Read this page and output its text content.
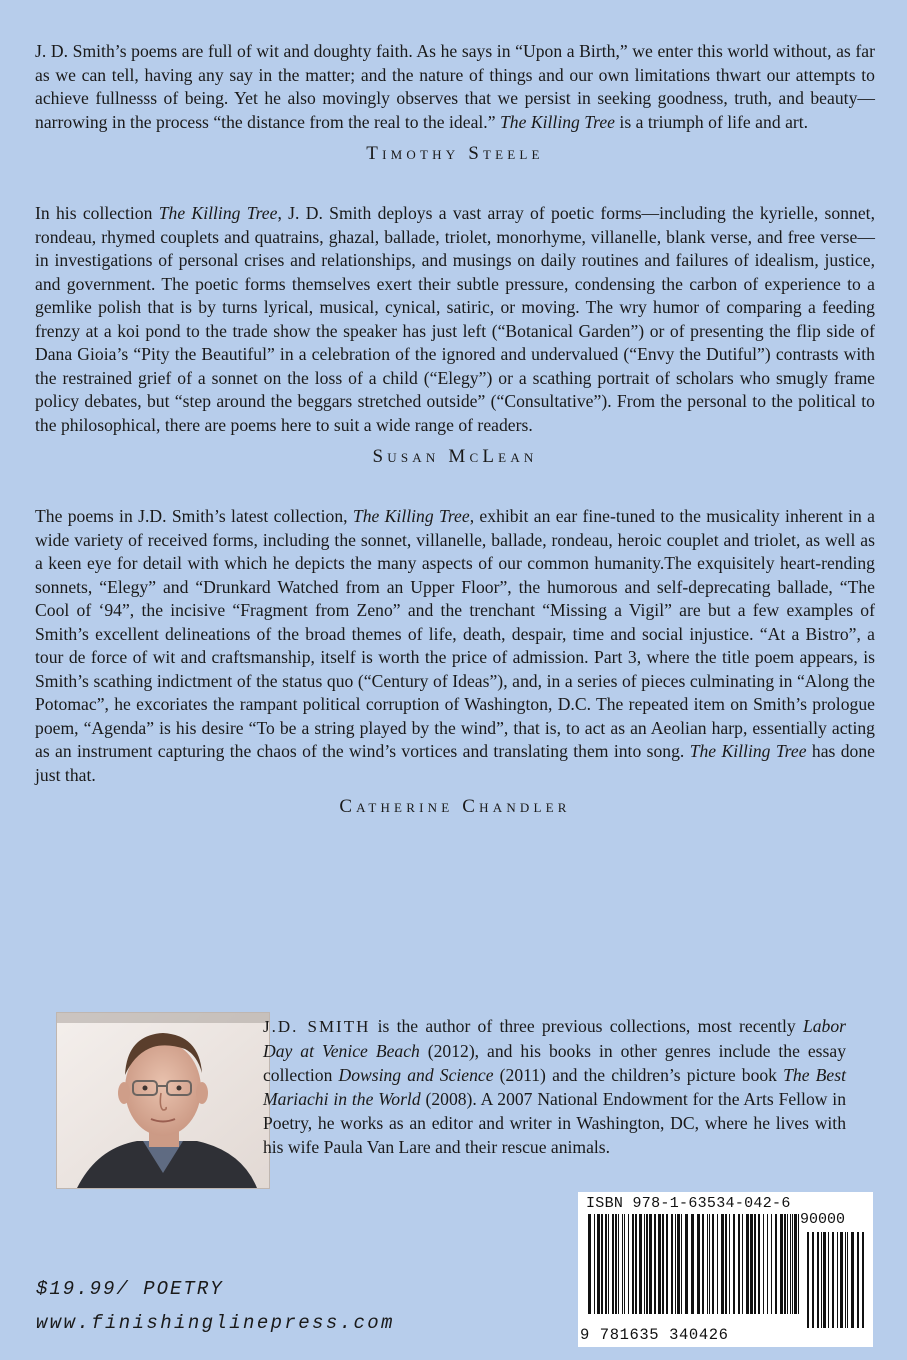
J. D. Smith’s poems are full of wit and doughty faith. As he says in “Upon a Birth,” we enter this world without, as far as we can tell, having any say in the matter; and the nature of things and our own limitations thwart our attempts to achieve fullnesss of being. Yet he also movingly observes that we persist in seeking goodness, truth, and beauty—narrowing in the process “the distance from the real to the ideal.” The Killing Tree is a triumph of life and art.

Timothy Steele

In his collection The Killing Tree, J. D. Smith deploys a vast array of poetic forms—including the kyrielle, sonnet, rondeau, rhymed couplets and quatrains, ghazal, ballade, triolet, monorhyme, villanelle, blank verse, and free verse—in investigations of personal crises and relationships, and musings on daily routines and failures of idealism, justice, and government. The poetic forms themselves exert their subtle pressure, condensing the carbon of experience to a gemlike polish that is by turns lyrical, musical, cynical, satiric, or moving. The wry humor of comparing a feeding frenzy at a koi pond to the trade show the speaker has just left (“Botanical Garden”) or of presenting the flip side of Dana Gioia’s “Pity the Beautiful” in a celebration of the ignored and undervalued (“Envy the Dutiful”) contrasts with the restrained grief of a sonnet on the loss of a child (“Elegy”) or a scathing portrait of scholars who smugly frame policy debates, but “step around the beggars stretched outside” (“Consultative”). From the personal to the political to the philosophical, there are poems here to suit a wide range of readers.

Susan McLean

The poems in J.D. Smith’s latest collection, The Killing Tree, exhibit an ear fine-tuned to the musicality inherent in a wide variety of received forms, including the sonnet, villanelle, ballade, rondeau, heroic couplet and triolet, as well as a keen eye for detail with which he depicts the many aspects of our common humanity.The exquisitely heart-rending sonnets, “Elegy” and “Drunkard Watched from an Upper Floor”, the humorous and self-deprecating ballade, “The Cool of ‘94”, the incisive “Fragment from Zeno” and the trenchant “Missing a Vigil” are but a few examples of Smith’s excellent delineations of the broad themes of life, death, despair, time and social injustice. “At a Bistro”, a tour de force of wit and craftsmanship, itself is worth the price of admission. Part 3, where the title poem appears, is Smith’s scathing indictment of the status quo (“Century of Ideas”), and, in a series of pieces culminating in “Along the Potomac”, he excoriates the rampant political corruption of Washington, D.C. The repeated item on Smith’s prologue poem, “Agenda” is his desire “To be a string played by the wind”, that is, to act as an Aeolian harp, essentially acting as an instrument capturing the chaos of the wind’s vortices and translating them into song. The Killing Tree has done just that.

Catherine Chandler

J.D. SMITH is the author of three previous collections, most recently Labor Day at Venice Beach (2012), and his books in other genres include the essay collection Dowsing and Science (2011) and the children’s picture book The Best Mariachi in the World (2008). A 2007 National Endowment for the Arts Fellow in Poetry, he works as an editor and writer in Washington, DC, where he lives with his wife Paula Van Lare and their rescue animals.

ISBN 978-1-63534-042-6
90000
9 781635 340426
$19.99/ POETRY
www.finishinglinepress.com
